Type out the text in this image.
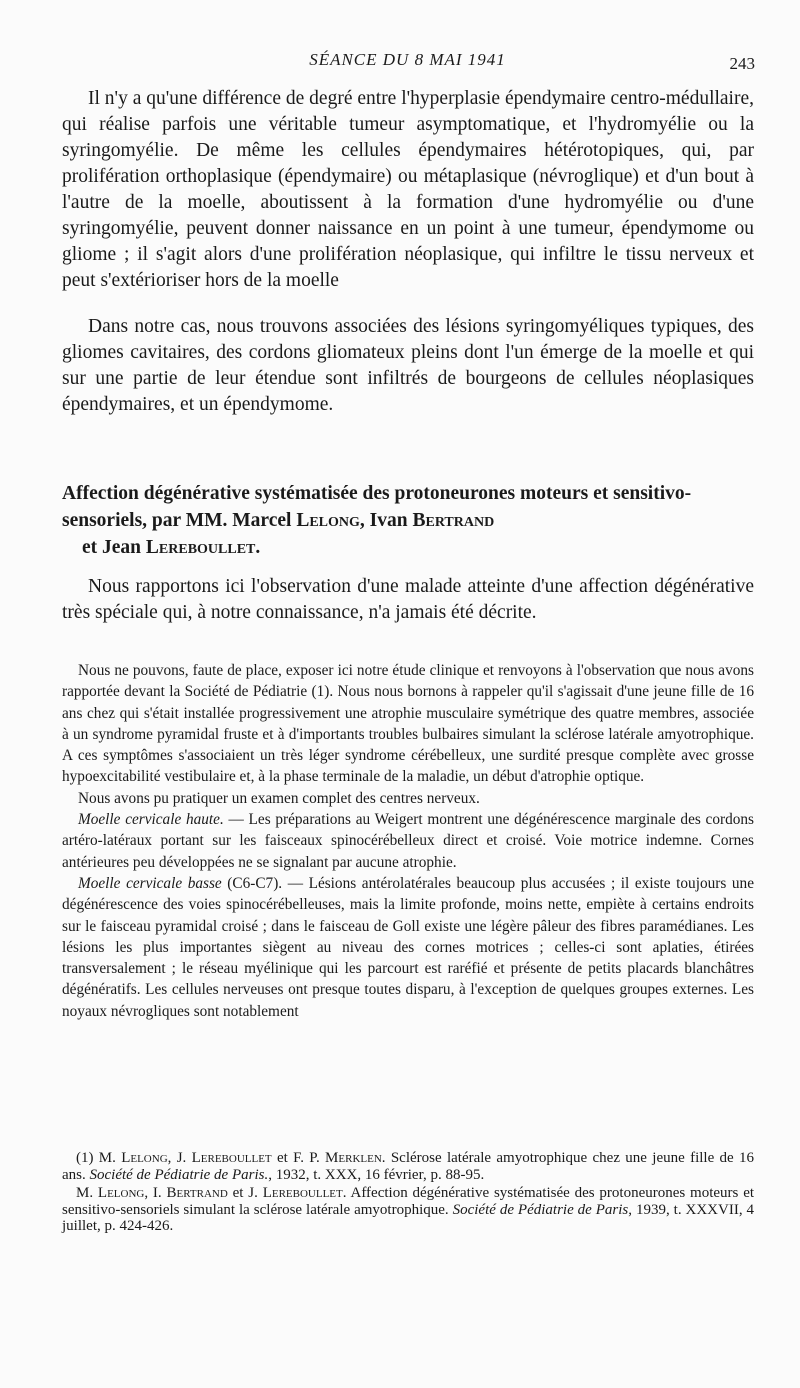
SÉANCE DU 8 MAI 1941	243

Il n'y a qu'une différence de degré entre l'hyperplasie épendymaire centro-médullaire, qui réalise parfois une véritable tumeur asymptomatique, et l'hydromyélie ou la syringomyélie. De même les cellules épendymaires hétérotopiques, qui, par prolifération orthoplasique (épendymaire) ou métaplasique (névroglique) et d'un bout à l'autre de la moelle, aboutissent à la formation d'une hydromyélie ou d'une syringomyélie, peuvent donner naissance en un point à une tumeur, épendymome ou gliome ; il s'agit alors d'une prolifération néoplasique, qui infiltre le tissu nerveux et peut s'extérioriser hors de la moelle

Dans notre cas, nous trouvons associées des lésions syringomyéliques typiques, des gliomes cavitaires, des cordons gliomateux pleins dont l'un émerge de la moelle et qui sur une partie de leur étendue sont infiltrés de bourgeons de cellules néoplasiques épendymaires, et un épendymome.

Affection dégénérative systématisée des protoneurones moteurs et sensitivo-sensoriels, par MM. Marcel Lelong, Ivan Bertrand
et Jean Lereboullet.

Nous rapportons ici l'observation d'une malade atteinte d'une affection dégénérative très spéciale qui, à notre connaissance, n'a jamais été décrite.

Nous ne pouvons, faute de place, exposer ici notre étude clinique et renvoyons à l'observation que nous avons rapportée devant la Société de Pédiatrie (1). Nous nous bornons à rappeler qu'il s'agissait d'une jeune fille de 16 ans chez qui s'était installée progressivement une atrophie musculaire symétrique des quatre membres, associée à un syndrome pyramidal fruste et à d'importants troubles bulbaires simulant la sclérose latérale amyotrophique. A ces symptômes s'associaient un très léger syndrome cérébelleux, une surdité presque complète avec grosse hypoexcitabilité vestibulaire et, à la phase terminale de la maladie, un début d'atrophie optique.

Nous avons pu pratiquer un examen complet des centres nerveux.

Moelle cervicale haute. — Les préparations au Weigert montrent une dégénérescence marginale des cordons artéro-latéraux portant sur les faisceaux spinocérébelleux direct et croisé. Voie motrice indemne. Cornes antérieures peu développées ne se signalant par aucune atrophie.

Moelle cervicale basse (C6-C7). — Lésions antérolatérales beaucoup plus accusées ; il existe toujours une dégénérescence des voies spinocérébelleuses, mais la limite profonde, moins nette, empiète à certains endroits sur le faisceau pyramidal croisé ; dans le faisceau de Goll existe une légère pâleur des fibres paramédianes. Les lésions les plus importantes siègent au niveau des cornes motrices ; celles-ci sont aplaties, étirées transversalement ; le réseau myélinique qui les parcourt est raréfié et présente de petits placards blanchâtres dégénératifs. Les cellules nerveuses ont presque toutes disparu, à l'exception de quelques groupes externes. Les noyaux névrogliques sont notablement

(1) M. Lelong, J. Lereboullet et F. P. Merklen. Sclérose latérale amyotrophique chez une jeune fille de 16 ans. Société de Pédiatrie de Paris., 1932, t. XXX, 16 février, p. 88-95.

M. Lelong, I. Bertrand et J. Lereboullet. Affection dégénérative systématisée des protoneurones moteurs et sensitivo-sensoriels simulant la sclérose latérale amyotrophique. Société de Pédiatrie de Paris, 1939, t. XXXVII, 4 juillet, p. 424-426.
